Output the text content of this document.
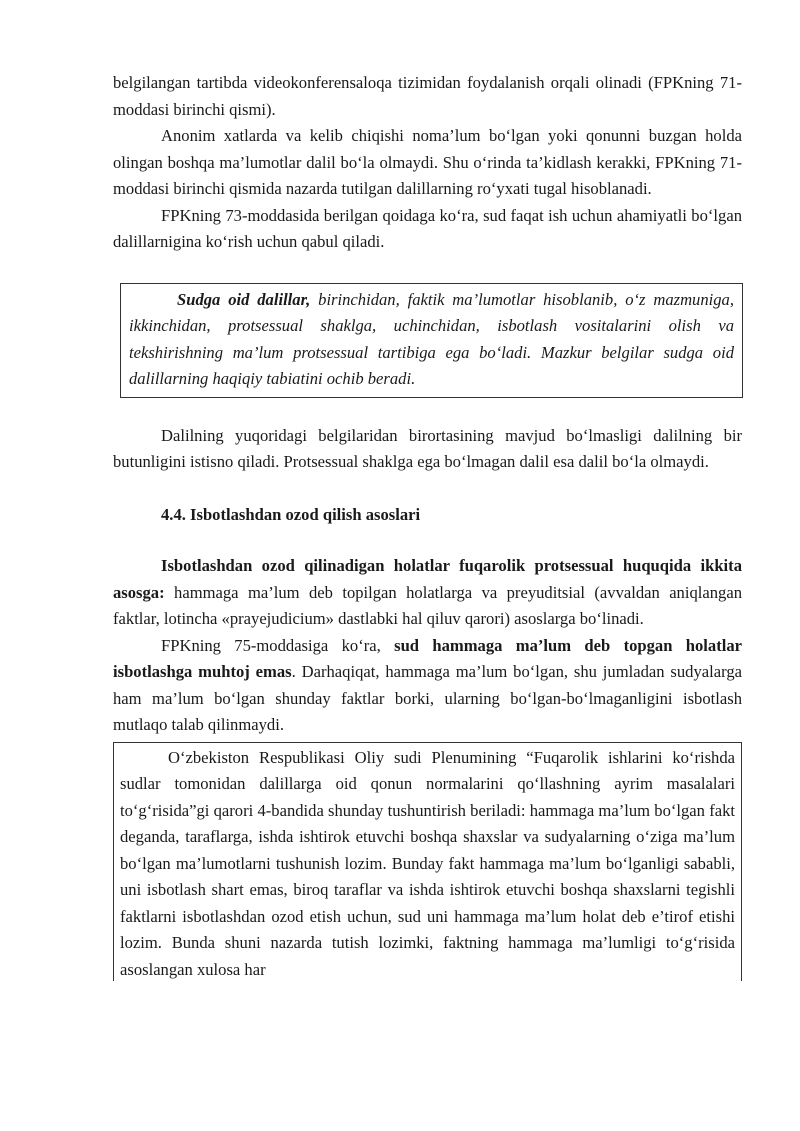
belgilangan tartibda videokonferensaloqa tizimidan foydalanish orqali olinadi (FPKning 71-moddasi birinchi qismi).

Anonim xatlarda va kelib chiqishi noma’lum bo‘lgan yoki qonunni buzgan holda olingan boshqa ma’lumotlar dalil bo‘la olmaydi. Shu o‘rinda ta’kidlash kerakki, FPKning 71-moddasi birinchi qismida nazarda tutilgan dalillarning ro‘yxati tugal hisoblanadi.

FPKning 73-moddasida berilgan qoidaga ko‘ra, sud faqat ish uchun ahamiyatli bo‘lgan dalillarnigina ko‘rish uchun qabul qiladi.

Sudga oid dalillar, birinchidan, faktik ma’lumotlar hisoblanib, o‘z mazmuniga, ikkinchidan, protsessual shaklga, uchinchidan, isbotlash vositalarini olish va tekshirishning ma’lum protsessual tartibiga ega bo‘ladi. Mazkur belgilar sudga oid dalillarning haqiqiy tabiatini ochib beradi.

Dalilning yuqoridagi belgilaridan birortasining mavjud bo‘lmasligi dalilning bir butunligini istisno qiladi. Protsessual shaklga ega bo‘lmagan dalil esa dalil bo‘la olmaydi.

4.4. Isbotlashdan ozod qilish asoslari

Isbotlashdan ozod qilinadigan holatlar fuqarolik protsessual huquqida ikkita asosga: hammaga ma’lum deb topilgan holatlarga va preyuditsial (avvaldan aniqlangan faktlar, lotincha «prayejudicium» dastlabki hal qiluv qarori) asoslarga bo‘linadi.

FPKning 75-moddasiga ko‘ra, sud hammaga ma’lum deb topgan holatlar isbotlashga muhtoj emas. Darhaqiqat, hammaga ma’lum bo‘lgan, shu jumladan sudyalarga ham ma’lum bo‘lgan shunday faktlar borki, ularning bo‘lgan-bo‘lmaganligini isbotlash mutlaqo talab qilinmaydi.

O‘zbekiston Respublikasi Oliy sudi Plenumining “Fuqarolik ishlarini ko‘rishda sudlar tomonidan dalillarga oid qonun normalarini qo‘llashning ayrim masalalari to‘g‘risida”gi qarori 4-bandida shunday tushuntirish beriladi: hammaga ma’lum bo‘lgan fakt deganda, taraflarga, ishda ishtirok etuvchi boshqa shaxslar va sudyalarning o‘ziga ma’lum bo‘lgan ma’lumotlarni tushunish lozim. Bunday fakt hammaga ma’lum bo‘lganligi sababli, uni isbotlash shart emas, biroq taraflar va ishda ishtirok etuvchi boshqa shaxslarni tegishli faktlarni isbotlashdan ozod etish uchun, sud uni hammaga ma’lum holat deb e’tirof etishi lozim. Bunda shuni nazarda tutish lozimki, faktning hammaga ma’lumligi to‘g‘risida asoslangan xulosa har
